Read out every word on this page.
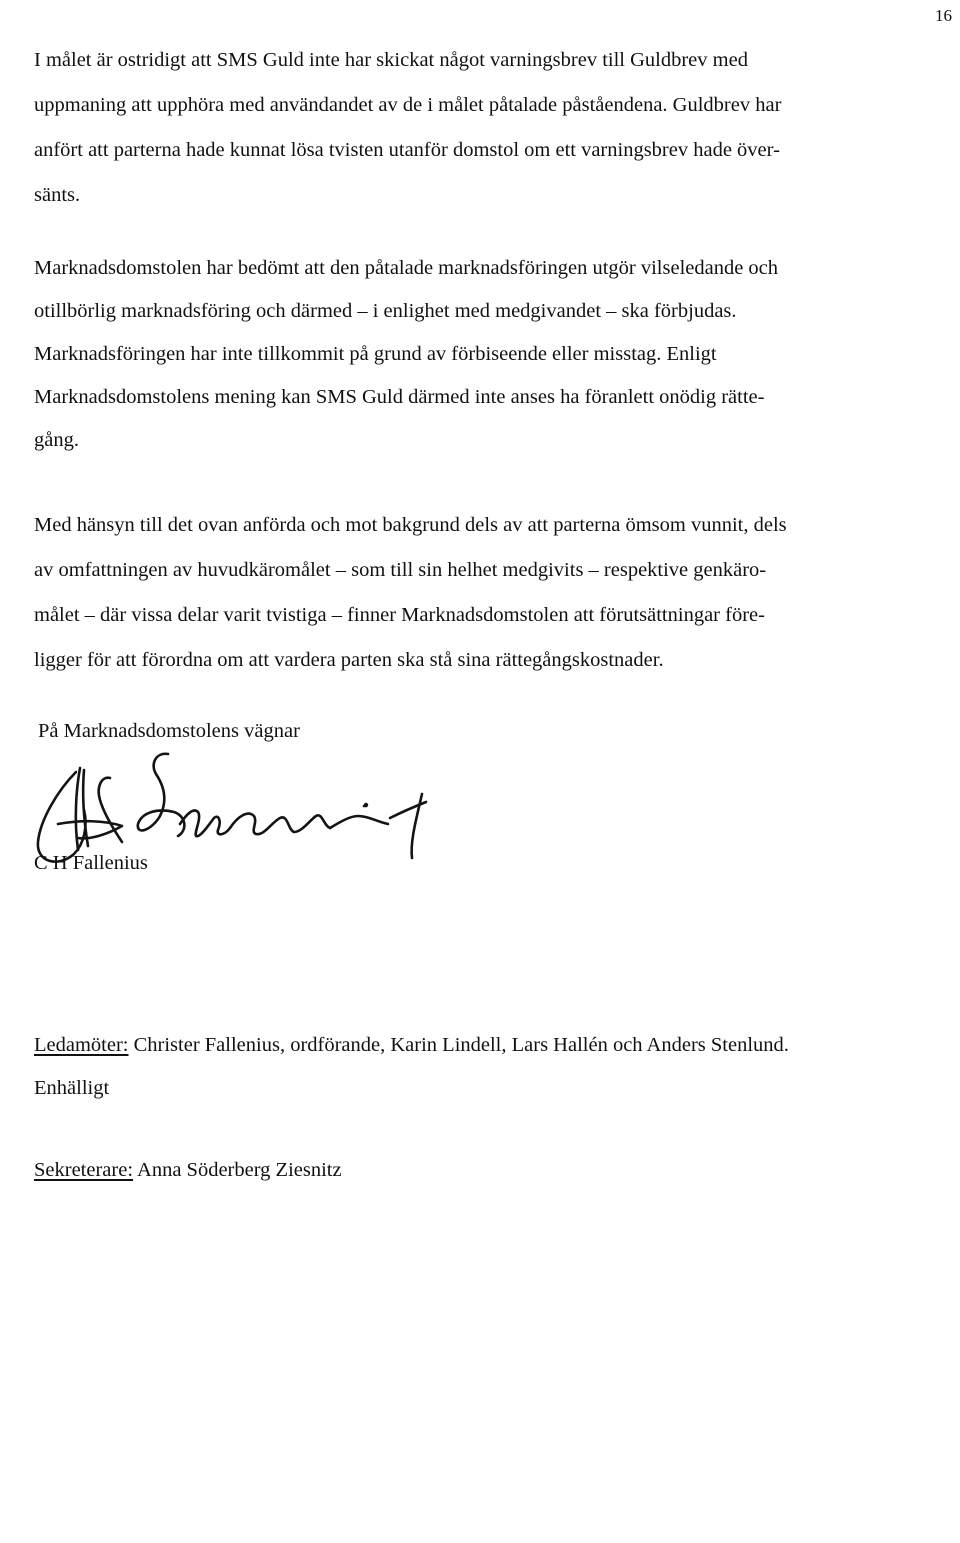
16

I målet är ostridigt att SMS Guld inte har skickat något varningsbrev till Guldbrev med
uppmaning att upphöra med användandet av de i målet påtalade påståendena. Guldbrev har
anfört att parterna hade kunnat lösa tvisten utanför domstol om ett varningsbrev hade över-
sänts.

Marknadsdomstolen har bedömt att den påtalade marknadsföringen utgör vilseledande och
otillbörlig marknadsföring och därmed – i enlighet med medgivandet – ska förbjudas.
Marknadsföringen har inte tillkommit på grund av förbiseende eller misstag. Enligt
Marknadsdomstolens mening kan SMS Guld därmed inte anses ha föranlett onödig rätte-
gång.

Med hänsyn till det ovan anförda och mot bakgrund dels av att parterna ömsom vunnit, dels
av omfattningen av huvudkäromålet – som till sin helhet medgivits – respektive genkäro-
målet – där vissa delar varit tvistiga – finner Marknadsdomstolen att förutsättningar före-
ligger för att förordna om att vardera parten ska stå sina rättegångskostnader.

På Marknadsdomstolens vägnar
C H Fallenius
Ledamöter: Christer Fallenius, ordförande, Karin Lindell, Lars Hallén och Anders Stenlund.
Enhälligt
Sekreterare: Anna Söderberg Ziesnitz
